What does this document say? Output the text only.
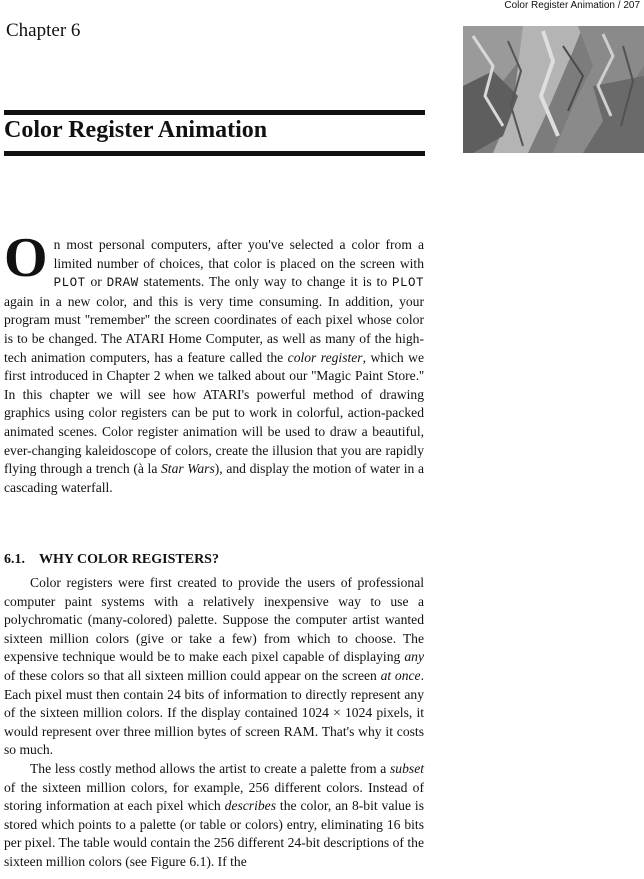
Color Register Animation / 207
Chapter 6
Color Register Animation
On most personal computers, after you've selected a color from a limited number of choices, that color is placed on the screen with PLOT or DRAW statements. The only way to change it is to PLOT again in a new color, and this is very time consuming. In addition, your program must ''remember'' the screen coordinates of each pixel whose color is to be changed. The ATARI Home Computer, as well as many of the high-tech animation computers, has a feature called the color register, which we first introduced in Chapter 2 when we talked about our ''Magic Paint Store.'' In this chapter we will see how ATARI's powerful method of drawing graphics using color registers can be put to work in colorful, action-packed animated scenes. Color register animation will be used to draw a beautiful, ever-changing kaleidoscope of colors, create the illusion that you are rapidly flying through a trench (à la Star Wars), and display the motion of water in a cascading waterfall.
6.1. WHY COLOR REGISTERS?

Color registers were first created to provide the users of professional computer paint systems with a relatively inexpensive way to use a polychromatic (many-colored) palette. Suppose the computer artist wanted sixteen million colors (give or take a few) from which to choose. The expensive technique would be to make each pixel capable of displaying any of these colors so that all sixteen million could appear on the screen at once. Each pixel must then contain 24 bits of information to directly represent any of the sixteen million colors. If the display contained 1024 × 1024 pixels, it would represent over three million bytes of screen RAM. That's why it costs so much.

The less costly method allows the artist to create a palette from a subset of the sixteen million colors, for example, 256 different colors. Instead of storing information at each pixel which describes the color, an 8-bit value is stored which points to a palette (or table or colors) entry, eliminating 16 bits per pixel. The table would contain the 256 different 24-bit descriptions of the sixteen million colors (see Figure 6.1). If the
